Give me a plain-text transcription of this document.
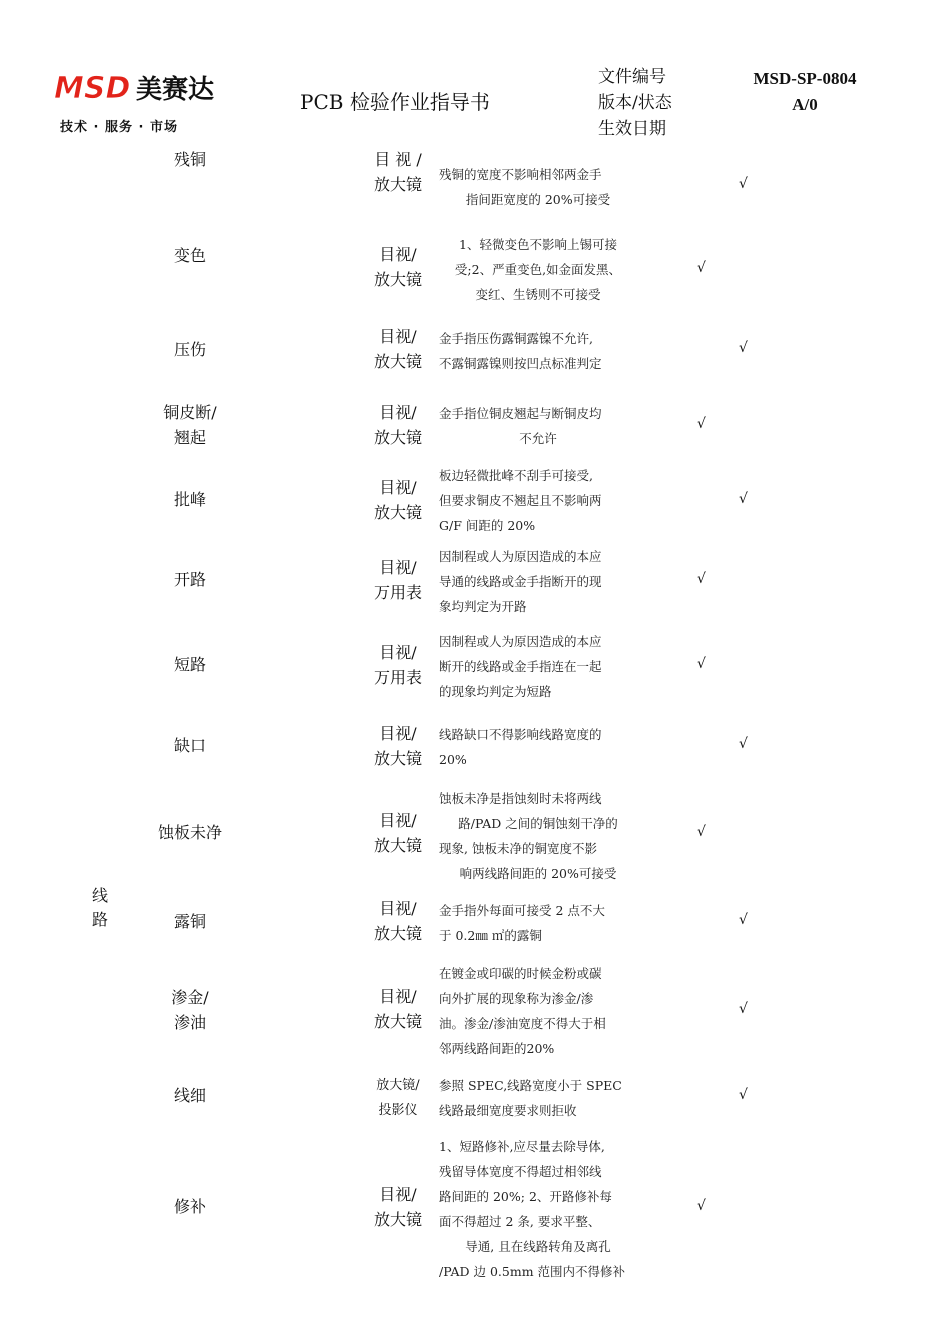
MSD 美赛达
技术 · 服务 · 市场
PCB 检验作业指导书
文件编号
版本/状态
生效日期
MSD-SP-0804
A/0
线
路
残铜	目 视 /
放大镜
残铜的宽度不影响相邻两金手
指间距宽度的 20%可接受
√
变色	目视/
放大镜
1、轻微变色不影响上锡可接
受;2、严重变色,如金面发黑、
变红、生锈则不可接受
√
压伤
目视/
放大镜
金手指压伤露铜露镍不允许,
不露铜露镍则按凹点标准判定
√
铜皮断/
翘起
目视/
放大镜
金手指位铜皮翘起与断铜皮均
不允许
√
批峰
目视/
放大镜
板边轻微批峰不刮手可接受,
但要求铜皮不翘起且不影响两
G/F 间距的 20%
√
开路
目视/
万用表
因制程或人为原因造成的本应
导通的线路或金手指断开的现
象均判定为开路
√
短路
目视/
万用表
因制程或人为原因造成的本应
断开的线路或金手指连在一起
的现象均判定为短路
√
缺口
目视/
放大镜
线路缺口不得影响线路宽度的
20%
√
蚀板未净
目视/
放大镜
蚀板未净是指蚀刻时未将两线
路/PAD 之间的铜蚀刻干净的
现象, 蚀板未净的铜宽度不影
响两线路间距的 20%可接受
√
露铜
目视/
放大镜
金手指外每面可接受 2 点不大
于 0.2㎜ ㎡的露铜
√
渗金/
渗油
目视/
放大镜
在镀金或印碳的时候金粉或碳
向外扩展的现象称为渗金/渗
油。渗金/渗油宽度不得大于相
邻两线路间距的20%
√
线细
放大镜/
投影仪
参照 SPEC,线路宽度小于 SPEC
线路最细宽度要求则拒收
√
修补
目视/
放大镜
1、短路修补,应尽量去除导体,
残留导体宽度不得超过相邻线
路间距的 20%; 2、开路修补每
面不得超过 2 条, 要求平整、
导通, 且在线路转角及离孔
/PAD 边 0.5mm 范围内不得修补
√
